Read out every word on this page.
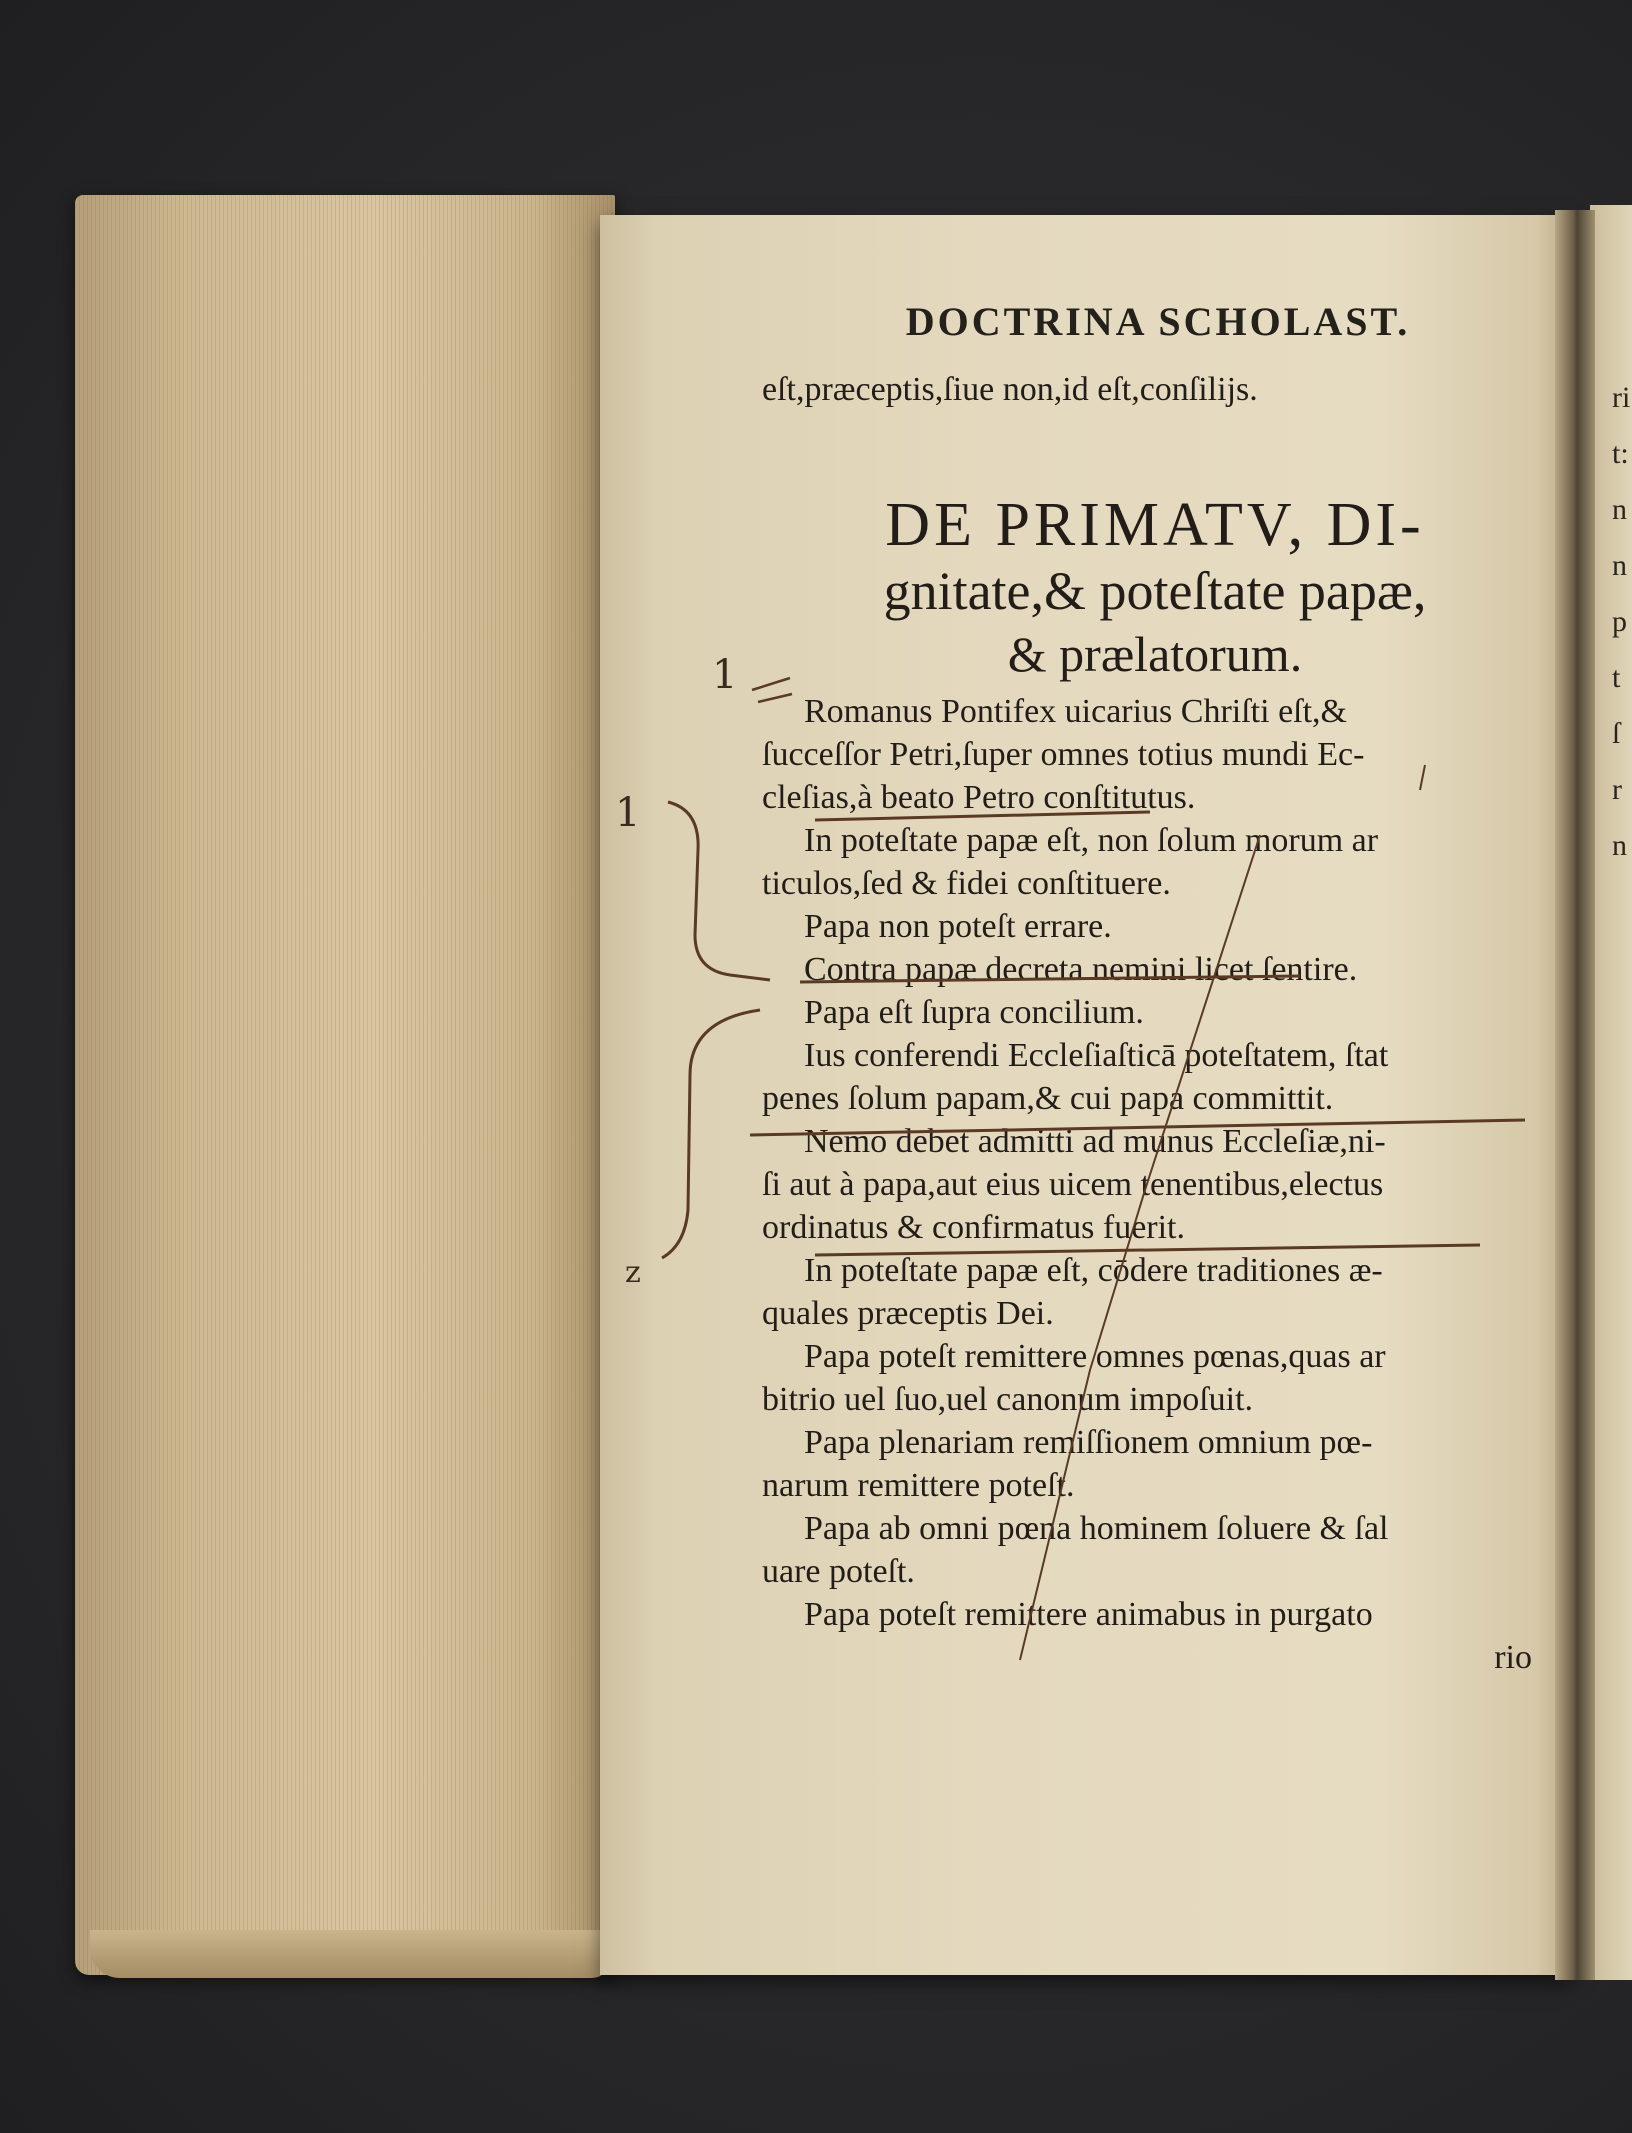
DOCTRINA SCHOLAST.
eſt,præceptis,ſiue non,id eſt,conſilijs.
DE PRIMATV, DI-
gnitate,& poteſtate papæ,
& prælatorum.
Romanus Pontifex uicarius Chriſti eſt,&
ſucceſſor Petri,ſuper omnes totius mundi Ec-
cleſias,à beato Petro conſtitutus.
In poteſtate papæ eſt, non ſolum morum ar
ticulos,ſed & fidei conſtituere.
Papa non poteſt errare.
Contra papæ decreta nemini licet ſentire.
Papa eſt ſupra concilium.
Ius conferendi Eccleſiaſticā poteſtatem, ſtat
penes ſolum papam,& cui papa committit.
Nemo debet admitti ad munus Eccleſiæ,ni-
ſi aut à papa,aut eius uicem tenentibus,electus
ordinatus & confirmatus fuerit.
In poteſtate papæ eſt, cōdere traditiones æ-
quales præceptis Dei.
Papa poteſt remittere omnes pœnas,quas ar
bitrio uel ſuo,uel canonum impoſuit.
Papa plenariam remiſſionem omnium pœ-
narum remittere poteſt.
Papa ab omni pœna hominem ſoluere & ſal
uare poteſt.
Papa poteſt remittere animabus in purgato
rio
ri
t:
n
n
p
t
ſ
r
n
1
1
z
